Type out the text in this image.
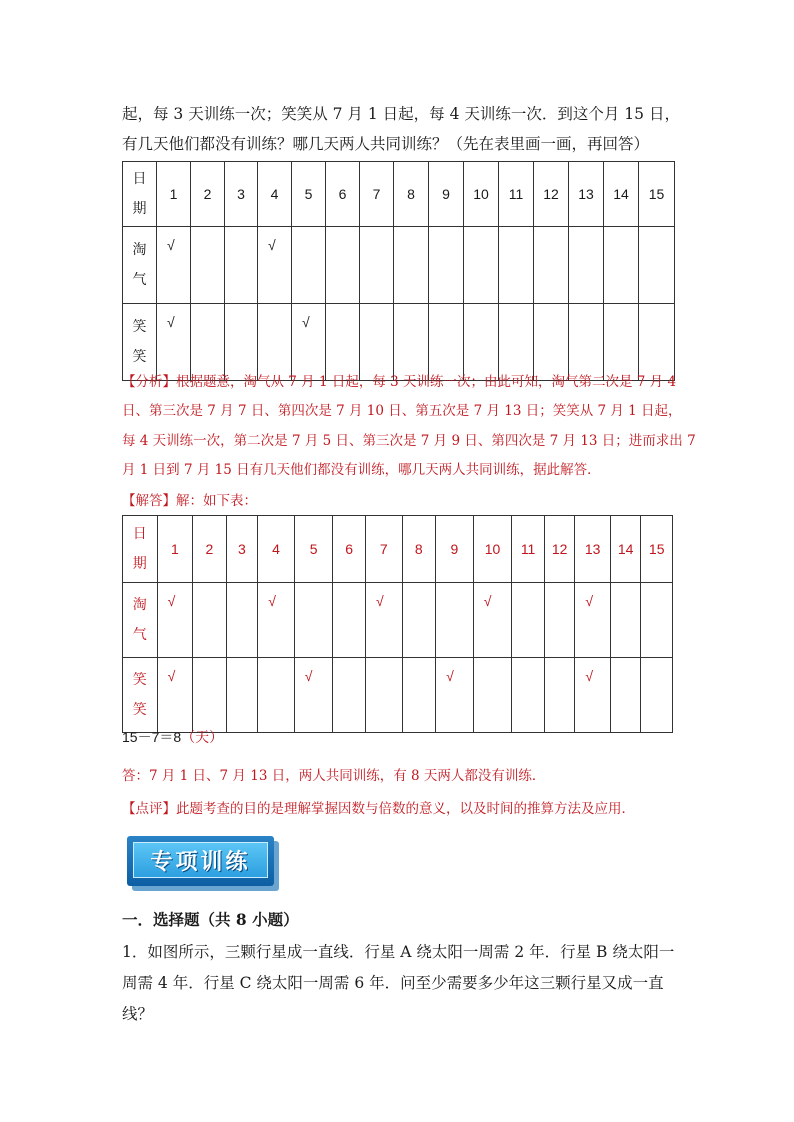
起，每 3 天训练一次；笑笑从 7 月 1 日起，每 4 天训练一次．到这个月 15 日，
有几天他们都没有训练？哪几天两人共同训练？（先在表里画一画，再回答）
日
期	1	2	3	4	5	6	7	8	9	10	11	12	13	14	15

淘
气	√			√											

笑
笑	√				√										
【分析】根据题意，淘气从 7 月 1 日起，每 3 天训练一次；由此可知，淘气第二次是 7 月 4
日、第三次是 7 月 7 日、第四次是 7 月 10 日、第五次是 7 月 13 日；笑笑从 7 月 1 日起，
每 4 天训练一次，第二次是 7 月 5 日、第三次是 7 月 9 日、第四次是 7 月 13 日；进而求出 7
月 1 日到 7 月 15 日有几天他们都没有训练，哪几天两人共同训练，据此解答．
【解答】解：如下表：
日
期	1	2	3	4	5	6	7	8	9	10	11	12	13	14	15

淘
气	√			√			√			√			√		

笑
笑	√				√				√				√		
15－7＝8（天）
答：7 月 1 日、7 月 13 日，两人共同训练，有 8 天两人都没有训练．
【点评】此题考查的目的是理解掌握因数与倍数的意义，以及时间的推算方法及应用．
专项训练
一．选择题（共 8 小题）
1．如图所示，三颗行星成一直线．行星 A 绕太阳一周需 2 年．行星 B 绕太阳一
周需 4 年．行星 C 绕太阳一周需 6 年．问至少需要多少年这三颗行星又成一直
线？
